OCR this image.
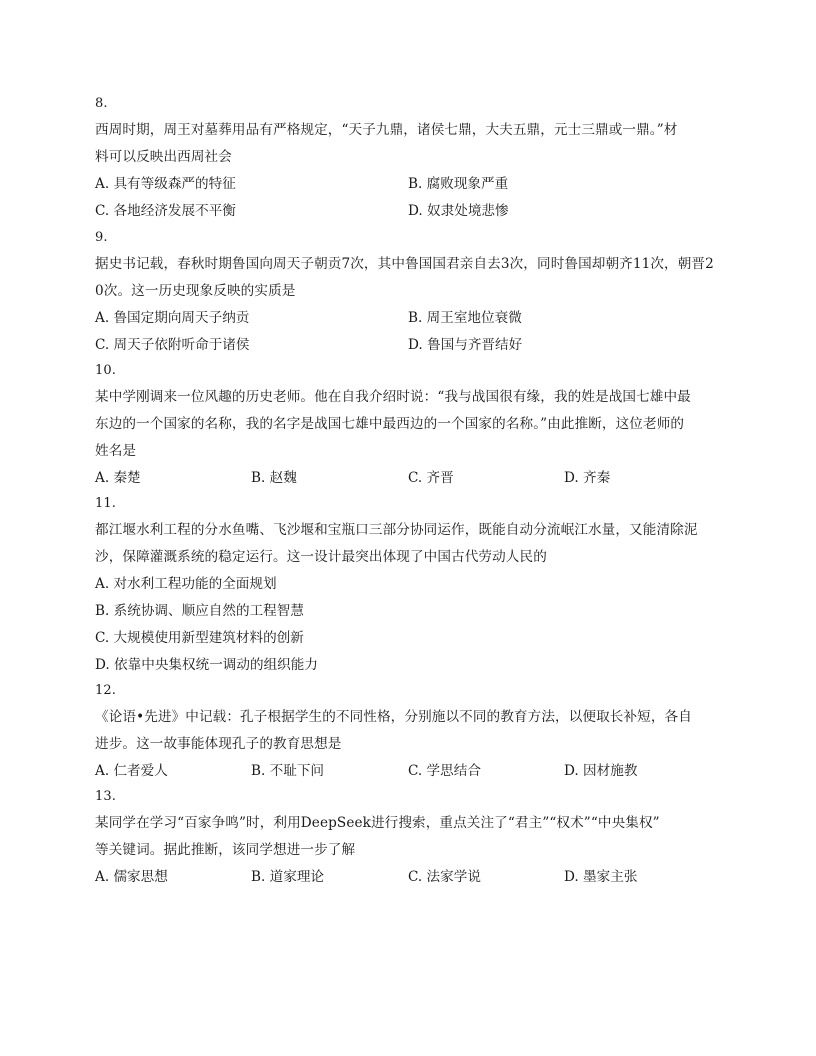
8.
西周时期，周王对墓葬用品有严格规定，“天子九鼎，诸侯七鼎，大夫五鼎，元士三鼎或一鼎。”材
料可以反映出西周社会
A. 具有等级森严的特征	B. 腐败现象严重
C. 各地经济发展不平衡	D. 奴隶处境悲惨
9.
据史书记载，春秋时期鲁国向周天子朝贡7次，其中鲁国国君亲自去3次，同时鲁国却朝齐11次，朝晋2
0次。这一历史现象反映的实质是
A. 鲁国定期向周天子纳贡	B. 周王室地位衰微
C. 周天子依附听命于诸侯	D. 鲁国与齐晋结好
10.
某中学刚调来一位风趣的历史老师。他在自我介绍时说：“我与战国很有缘，我的姓是战国七雄中最
东边的一个国家的名称，我的名字是战国七雄中最西边的一个国家的名称。”由此推断，这位老师的
姓名是
A. 秦楚	B. 赵魏	C. 齐晋	D. 齐秦
11.
都江堰水利工程的分水鱼嘴、飞沙堰和宝瓶口三部分协同运作，既能自动分流岷江水量，又能清除泥
沙，保障灌溉系统的稳定运行。这一设计最突出体现了中国古代劳动人民的
A. 对水利工程功能的全面规划
B. 系统协调、顺应自然的工程智慧
C. 大规模使用新型建筑材料的创新
D. 依靠中央集权统一调动的组织能力
12.
《论语•先进》中记载：孔子根据学生的不同性格，分别施以不同的教育方法，以便取长补短，各自
进步。这一故事能体现孔子的教育思想是
A. 仁者爱人	B. 不耻下问	C. 学思结合	D. 因材施教
13.
某同学在学习“百家争鸣”时，利用DeepSeek进行搜索，重点关注了“君主”“权术”“中央集权”
等关键词。据此推断，该同学想进一步了解
A. 儒家思想	B. 道家理论	C. 法家学说	D. 墨家主张
